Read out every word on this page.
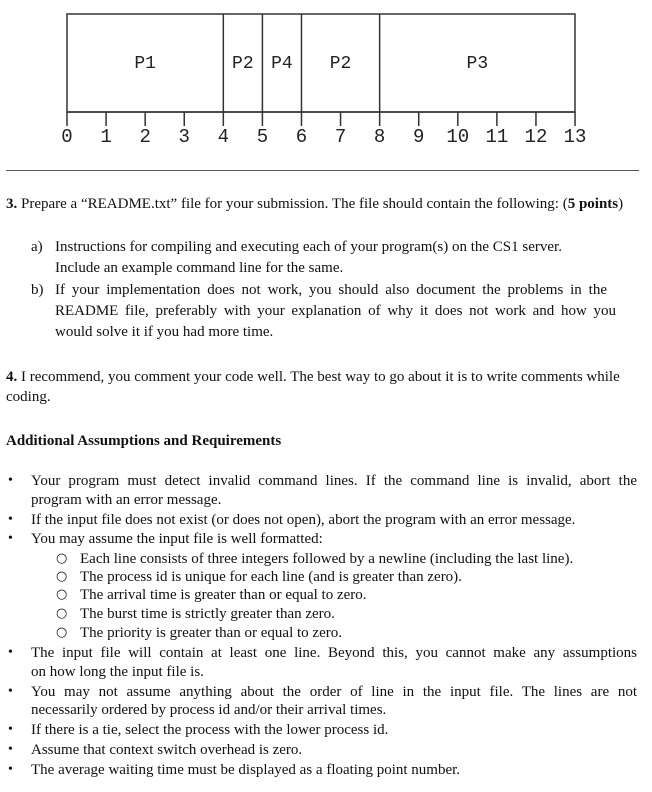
P1	P2 P4 P2	P3
0 1 2 3 4 5 6 7 8 9 10 11 12 13

3. Prepare a “README.txt” file for your submission. The file should contain the following: (5 points)

a) Instructions for compiling and executing each of your program(s) on the CS1 server.
Include an example command line for the same.
b) If your implementation does not work, you should also document the problems in the
README file, preferably with your explanation of why it does not work and how you
would solve it if you had more time.

4. I recommend, you comment your code well. The best way to go about it is to write comments while coding.

Additional Assumptions and Requirements
• Your program must detect invalid command lines. If the command line is invalid, abort the
program with an error message.
• If the input file does not exist (or does not open), abort the program with an error message.
• You may assume the input file is well formatted:
○ Each line consists of three integers followed by a newline (including the last line).
○ The process id is unique for each line (and is greater than zero).
○ The arrival time is greater than or equal to zero.
○ The burst time is strictly greater than zero.
○ The priority is greater than or equal to zero.
• The input file will contain at least one line. Beyond this, you cannot make any assumptions
on how long the input file is.
• You may not assume anything about the order of line in the input file. The lines are not
necessarily ordered by process id and/or their arrival times.
• If there is a tie, select the process with the lower process id.
• Assume that context switch overhead is zero.
• The average waiting time must be displayed as a floating point number.
